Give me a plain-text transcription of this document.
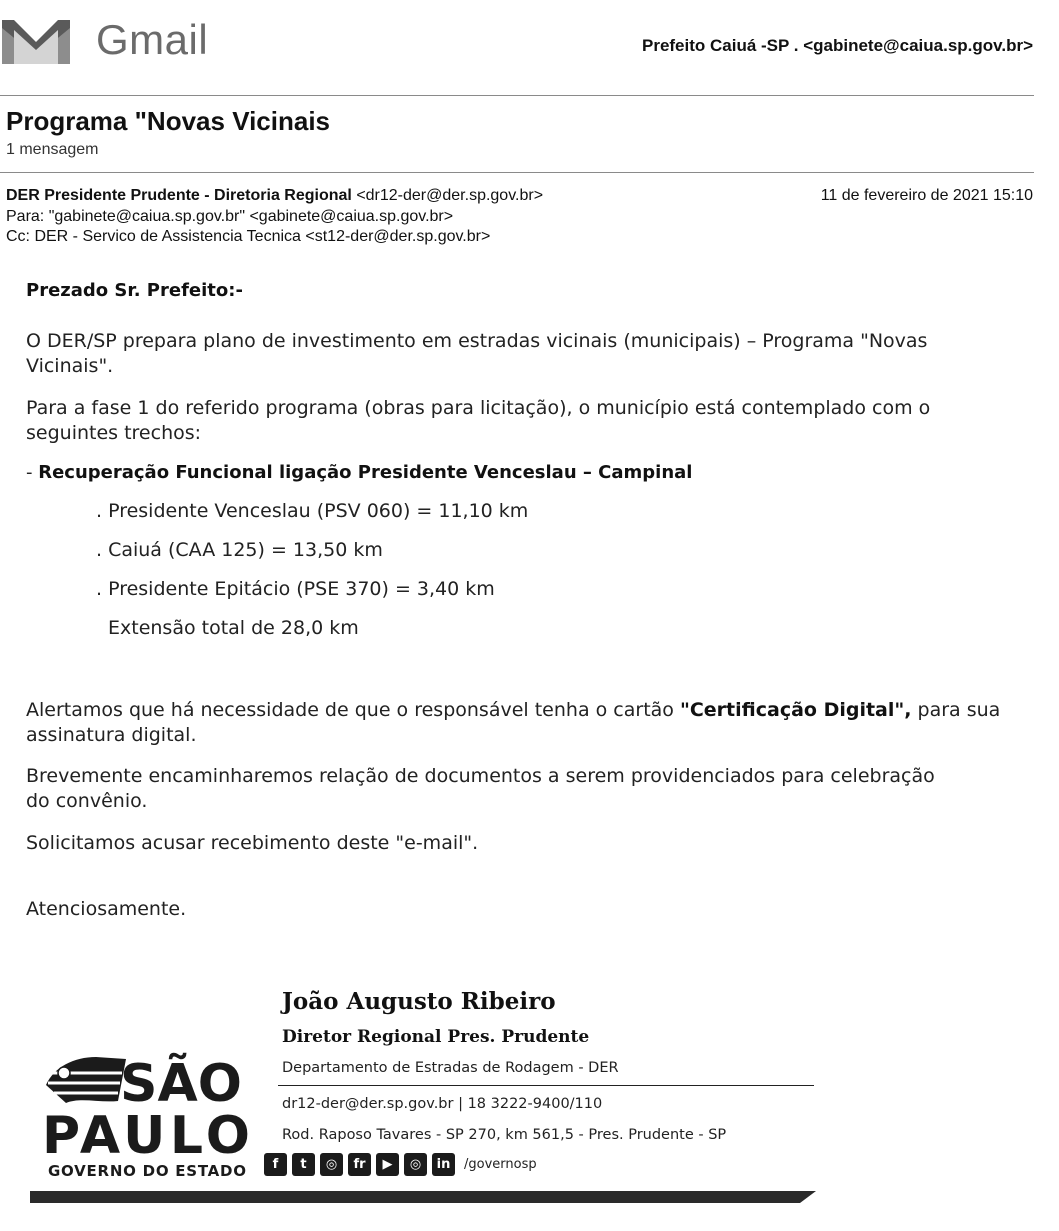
Gmail	Prefeito Caiuá -SP . <gabinete@caiua.sp.gov.br>
Programa "Novas Vicinais
1 mensagem
DER Presidente Prudente - Diretoria Regional <dr12-der@der.sp.gov.br>	11 de fevereiro de 2021 15:10
Para: "gabinete@caiua.sp.gov.br" <gabinete@caiua.sp.gov.br>
Cc: DER - Servico de Assistencia Tecnica <st12-der@der.sp.gov.br>
Prezado Sr. Prefeito:-
O DER/SP prepara plano de investimento em estradas vicinais (municipais) – Programa "Novas Vicinais".
Para a fase 1 do referido programa (obras para licitação), o município está contemplado com o seguintes trechos:
- Recuperação Funcional ligação Presidente Venceslau – Campinal
. Presidente Venceslau (PSV 060) = 11,10 km
. Caiuá (CAA 125) = 13,50 km
. Presidente Epitácio (PSE 370) = 3,40 km
Extensão total de 28,0 km
Alertamos que há necessidade de que o responsável tenha o cartão "Certificação Digital", para sua assinatura digital.
Brevemente encaminharemos relação de documentos a serem providenciados para celebração do convênio.
Solicitamos acusar recebimento deste "e-mail".
Atenciosamente.
João Augusto Ribeiro
Diretor Regional Pres. Prudente
Departamento de Estradas de Rodagem - DER
dr12-der@der.sp.gov.br | 18 3222-9400/110
Rod. Raposo Tavares - SP 270, km 561,5 - Pres. Prudente - SP
SÃO
PAULO
GOVERNO DO ESTADO	f	t	◎	fr	▶	◎	in	/governosp
